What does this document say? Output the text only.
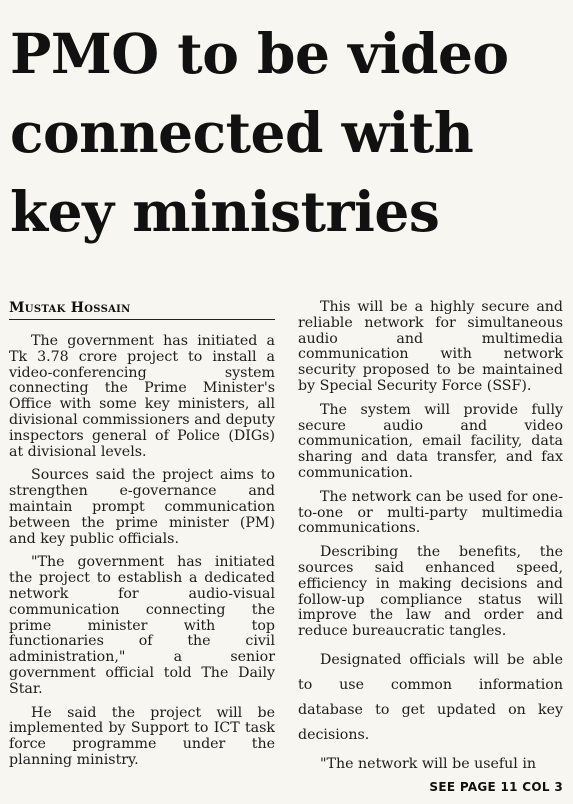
PMO to be video
connected with
key ministries
Mustak Hossain

The government has initiated a Tk 3.78 crore project to install a video-conferencing system connecting the Prime Minister's Office with some key ministers, all divisional commissioners and deputy inspectors general of Police (DIGs) at divisional levels.

Sources said the project aims to strengthen e-governance and maintain prompt communication between the prime minister (PM) and key public officials.

"The government has initiated the project to establish a dedicated network for audio-visual communication connecting the prime minister with top functionaries of the civil administration," a senior government official told The Daily Star.

He said the project will be implemented by Support to ICT task force programme under the planning ministry.

This will be a highly secure and reliable network for simultaneous audio and multimedia communication with network security proposed to be maintained by Special Security Force (SSF).

The system will provide fully secure audio and video communication, email facility, data sharing and data transfer, and fax communication.

The network can be used for one-to-one or multi-party multimedia communications.

Describing the benefits, the sources said enhanced speed, efficiency in making decisions and follow-up compliance status will improve the law and order and reduce bureaucratic tangles.

Designated officials will be able to use common information database to get updated on key decisions.

"The network will be useful in

SEE PAGE 11 COL 3
